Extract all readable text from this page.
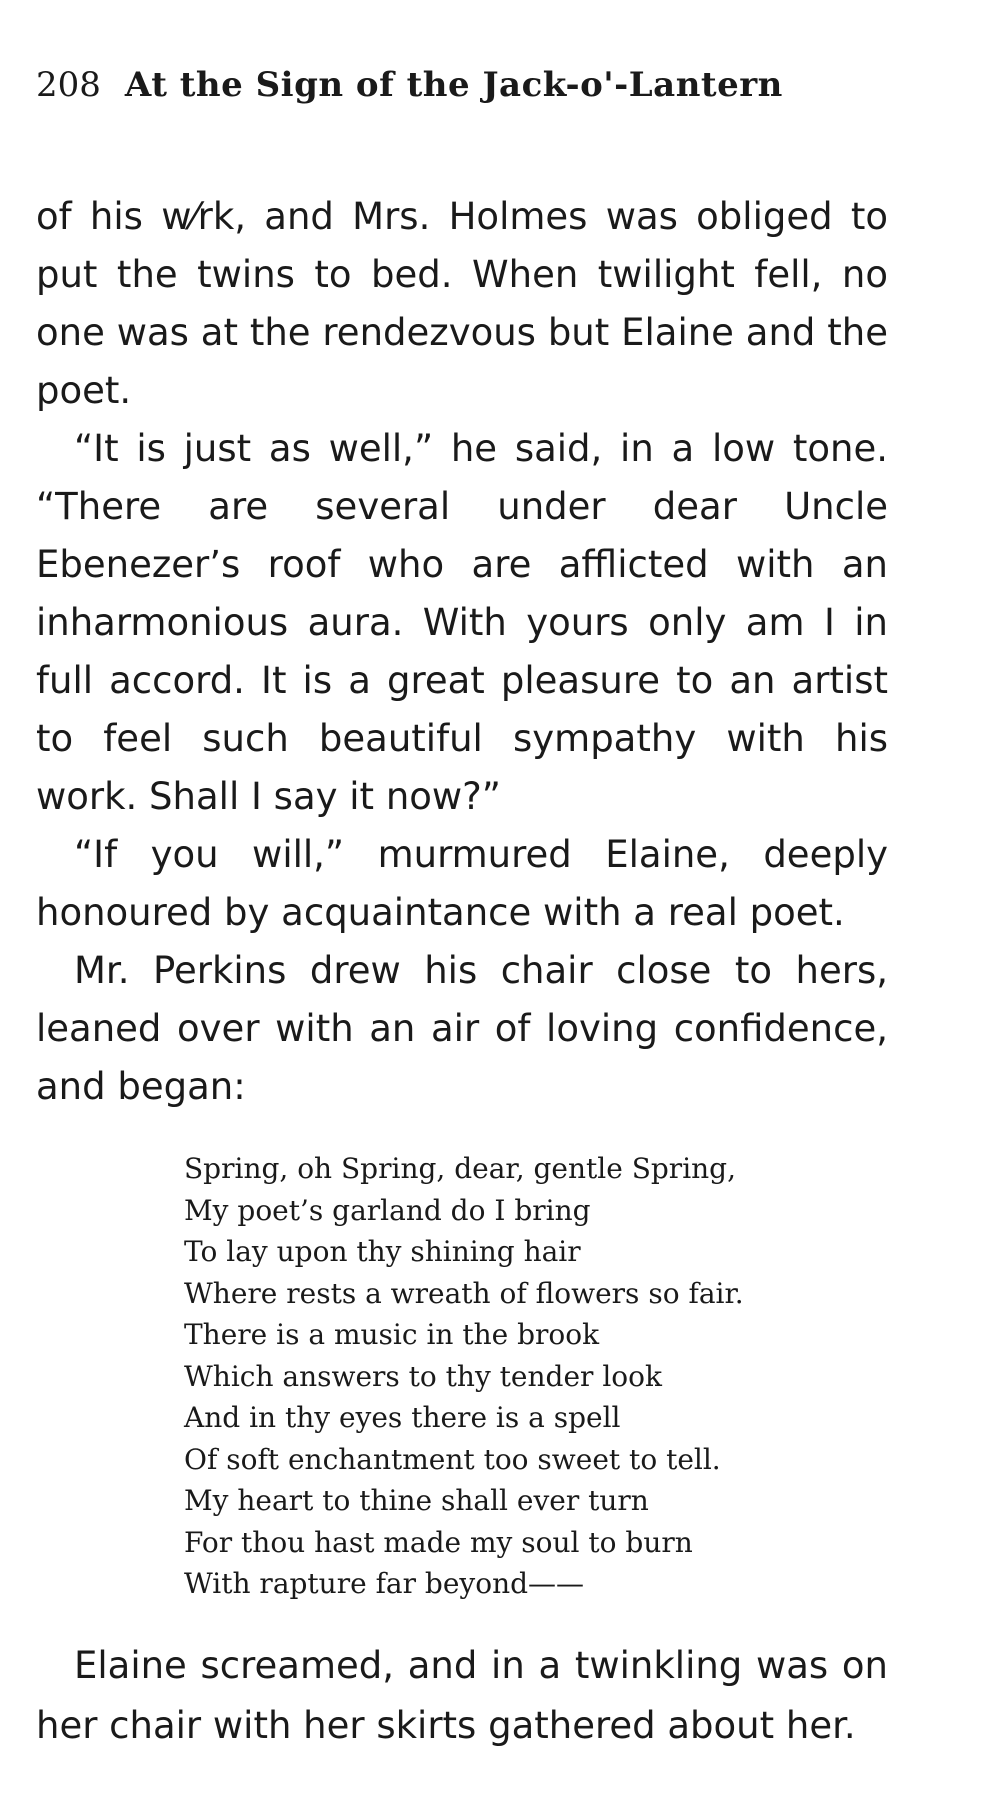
208 At the Sign of the Jack-o'-Lantern

of his w⁄rk, and Mrs. Holmes was obliged to put the twins to bed. When twilight fell, no one was at the rendezvous but Elaine and the poet.

“It is just as well,” he said, in a low tone. “There are several under dear Uncle Ebenezer’s roof who are afflicted with an inharmonious aura. With yours only am I in full accord. It is a great pleasure to an artist to feel such beautiful sympathy with his work. Shall I say it now?”

“If you will,” murmured Elaine, deeply honoured by acquaintance with a real poet.

Mr. Perkins drew his chair close to hers, leaned over with an air of loving confidence, and began:

Spring, oh Spring, dear, gentle Spring,
My poet’s garland do I bring
To lay upon thy shining hair
Where rests a wreath of flowers so fair.
There is a music in the brook
Which answers to thy tender look
And in thy eyes there is a spell
Of soft enchantment too sweet to tell.
My heart to thine shall ever turn
For thou hast made my soul to burn
With rapture far beyond——

Elaine screamed, and in a twinkling was on her chair with her skirts gathered about her.
